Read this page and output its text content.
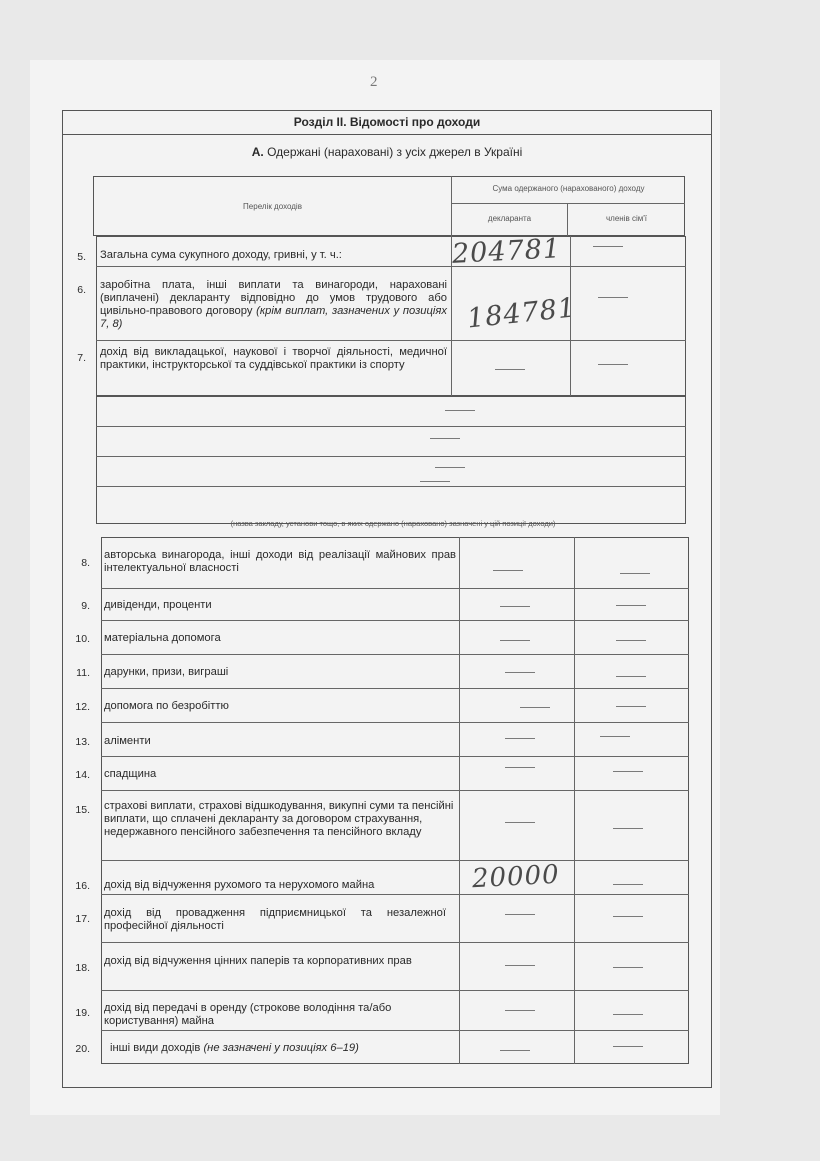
2
Розділ ІІ. Відомості про доходи
А. Одержані (нараховані) з усіх джерел в Україні
Перелік доходів
Сума одержаного (нарахованого) доходу
декларанта	членів сім'ї
5. Загальна сума сукупного доходу, гривні, у т. ч.:	204781
6. заробітна плата, інші виплати та винагороди, нараховані (виплачені) декларанту відповідно до умов трудового або цивільно-правового договору (крім виплат, зазначених у позиціях 7, 8)	184781
7. дохід від викладацької, наукової і творчої діяльності, медичної практики, інструкторської та суддівської практики із спорту
(назва закладу, установи тощо, в яких одержано (нараховано) зазначені у цій позиції доходи)
8.
авторська винагорода, інші доходи від реалізації майнових прав інтелектуальної власності
9. дивіденди, проценти
10. матеріальна допомога
11. дарунки, призи, виграші
12. допомога по безробіттю
13. аліменти
14. спадщина
15. страхові виплати, страхові відшкодування, викупні суми та пенсійні виплати, що сплачені декларанту за договором страхування, недержавного пенсійного забезпечення та пенсійного вкладу
16. дохід від відчуження рухомого та нерухомого майна	20000
17. дохід від провадження підприємницької та незалежної професійної діяльності
18.
дохід від відчуження цінних паперів та корпоративних прав
19. дохід від передачі в оренду (строкове володіння та/або користування) майна
20. інші види доходів (не зазначені у позиціях 6–19)
